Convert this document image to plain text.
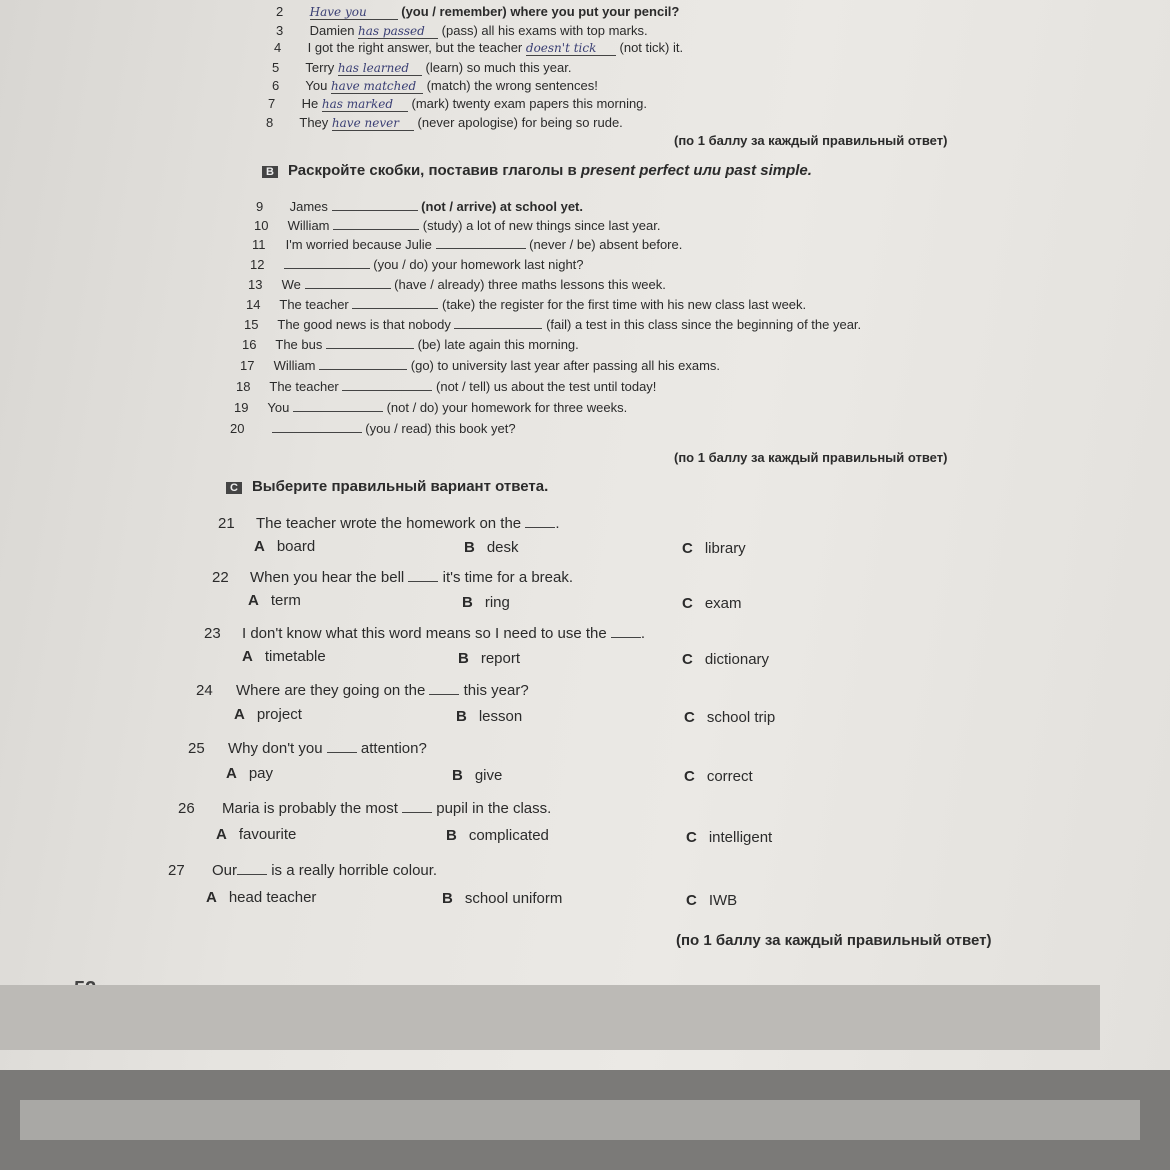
2 Have you	(you / remember) where you put your pencil?
3 Damien has passed (pass) all his exams with top marks.
4 I got the right answer, but the teacher doesn't tick (not tick) it.
5 Terry has learned (learn) so much this year.
6 You have matched (match) the wrong sentences!
7 He has marked (mark) twenty exam papers this morning.
8 They have never (never apologise) for being so rude.
(по 1 баллу за каждый правильный ответ)
B Раскройте скобки, поставив глаголы в present perfect или past simple.
9 James	(not / arrive) at school yet.
10 William	(study) a lot of new things since last year.
11 I'm worried because Julie	(never / be) absent before.
12	(you / do) your homework last night?
13 We	(have / already) three maths lessons this week.
14 The teacher	(take) the register for the first time with his new class last week.
15 The good news is that nobody	(fail) a test in this class since the beginning of the year.
16 The bus	(be) late again this morning.
17 William	(go) to university last year after passing all his exams.
18 The teacher	(not / tell) us about the test until today!
19 You	(not / do) your homework for three weeks.
20	(you / read) this book yet?
(по 1 баллу за каждый правильный ответ)
C Выберите правильный вариант ответа.
21 The teacher wrote the homework on the .
A board	B desk	C library
22 When you hear the bell	it's time for a break.
A term	B ring	C exam
23 I don't know what this word means so I need to use the .
A timetable	B report	C dictionary
24 Where are they going on the	this year?
A project	B lesson	C school trip
25 Why don't you	attention?
A pay	B give	C correct
26 Maria is probably the most	pupil in the class.
A favourite	B complicated	C intelligent
27 Our is a really horrible colour.
A head teacher	B school uniform	C IWB
(по 1 баллу за каждый правильный ответ)
